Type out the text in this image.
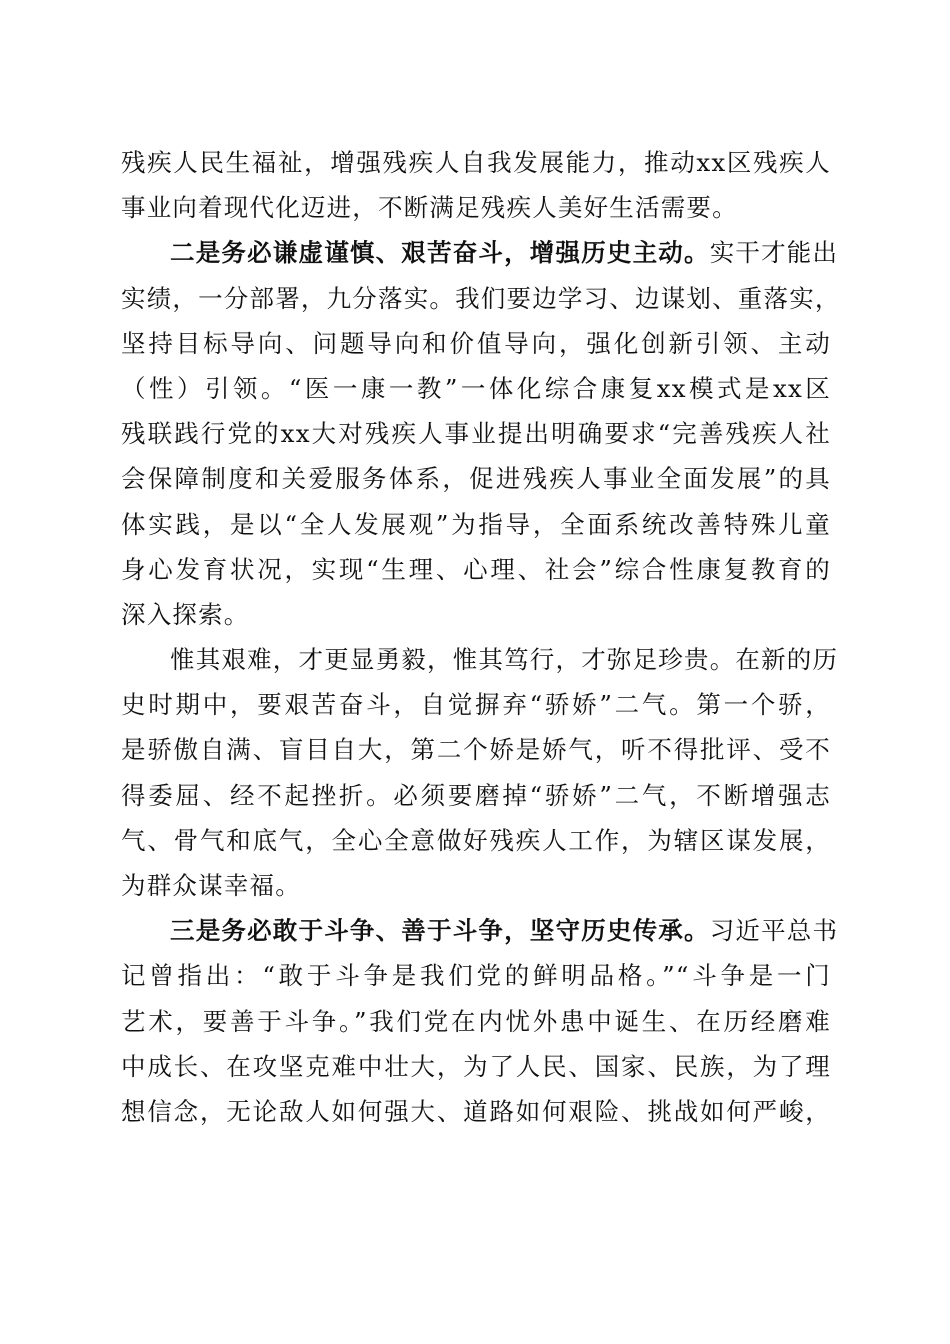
残疾人民生福祉，增强残疾人自我发展能力，推动xx区残疾人
事业向着现代化迈进，不断满足残疾人美好生活需要。
二是务必谦虚谨慎、艰苦奋斗，增强历史主动。实干才能出
实绩，一分部署，九分落实。我们要边学习、边谋划、重落实，
坚持目标导向、问题导向和价值导向，强化创新引领、主动
（性）引领。“医一康一教”一体化综合康复xx模式是xx区
残联践行党的xx大对残疾人事业提出明确要求“完善残疾人社
会保障制度和关爱服务体系，促进残疾人事业全面发展”的具
体实践，是以“全人发展观”为指导，全面系统改善特殊儿童
身心发育状况，实现“生理、心理、社会”综合性康复教育的
深入探索。
惟其艰难，才更显勇毅，惟其笃行，才弥足珍贵。在新的历
史时期中，要艰苦奋斗，自觉摒弃“骄娇”二气。第一个骄，
是骄傲自满、盲目自大，第二个娇是娇气，听不得批评、受不
得委屈、经不起挫折。必须要磨掉“骄娇”二气，不断增强志
气、骨气和底气，全心全意做好残疾人工作，为辖区谋发展，
为群众谋幸福。
三是务必敢于斗争、善于斗争，坚守历史传承。习近平总书
记曾指出：“敢于斗争是我们党的鲜明品格。”“斗争是一门
艺术，要善于斗争。”我们党在内忧外患中诞生、在历经磨难
中成长、在攻坚克难中壮大，为了人民、国家、民族，为了理
想信念，无论敌人如何强大、道路如何艰险、挑战如何严峻，
